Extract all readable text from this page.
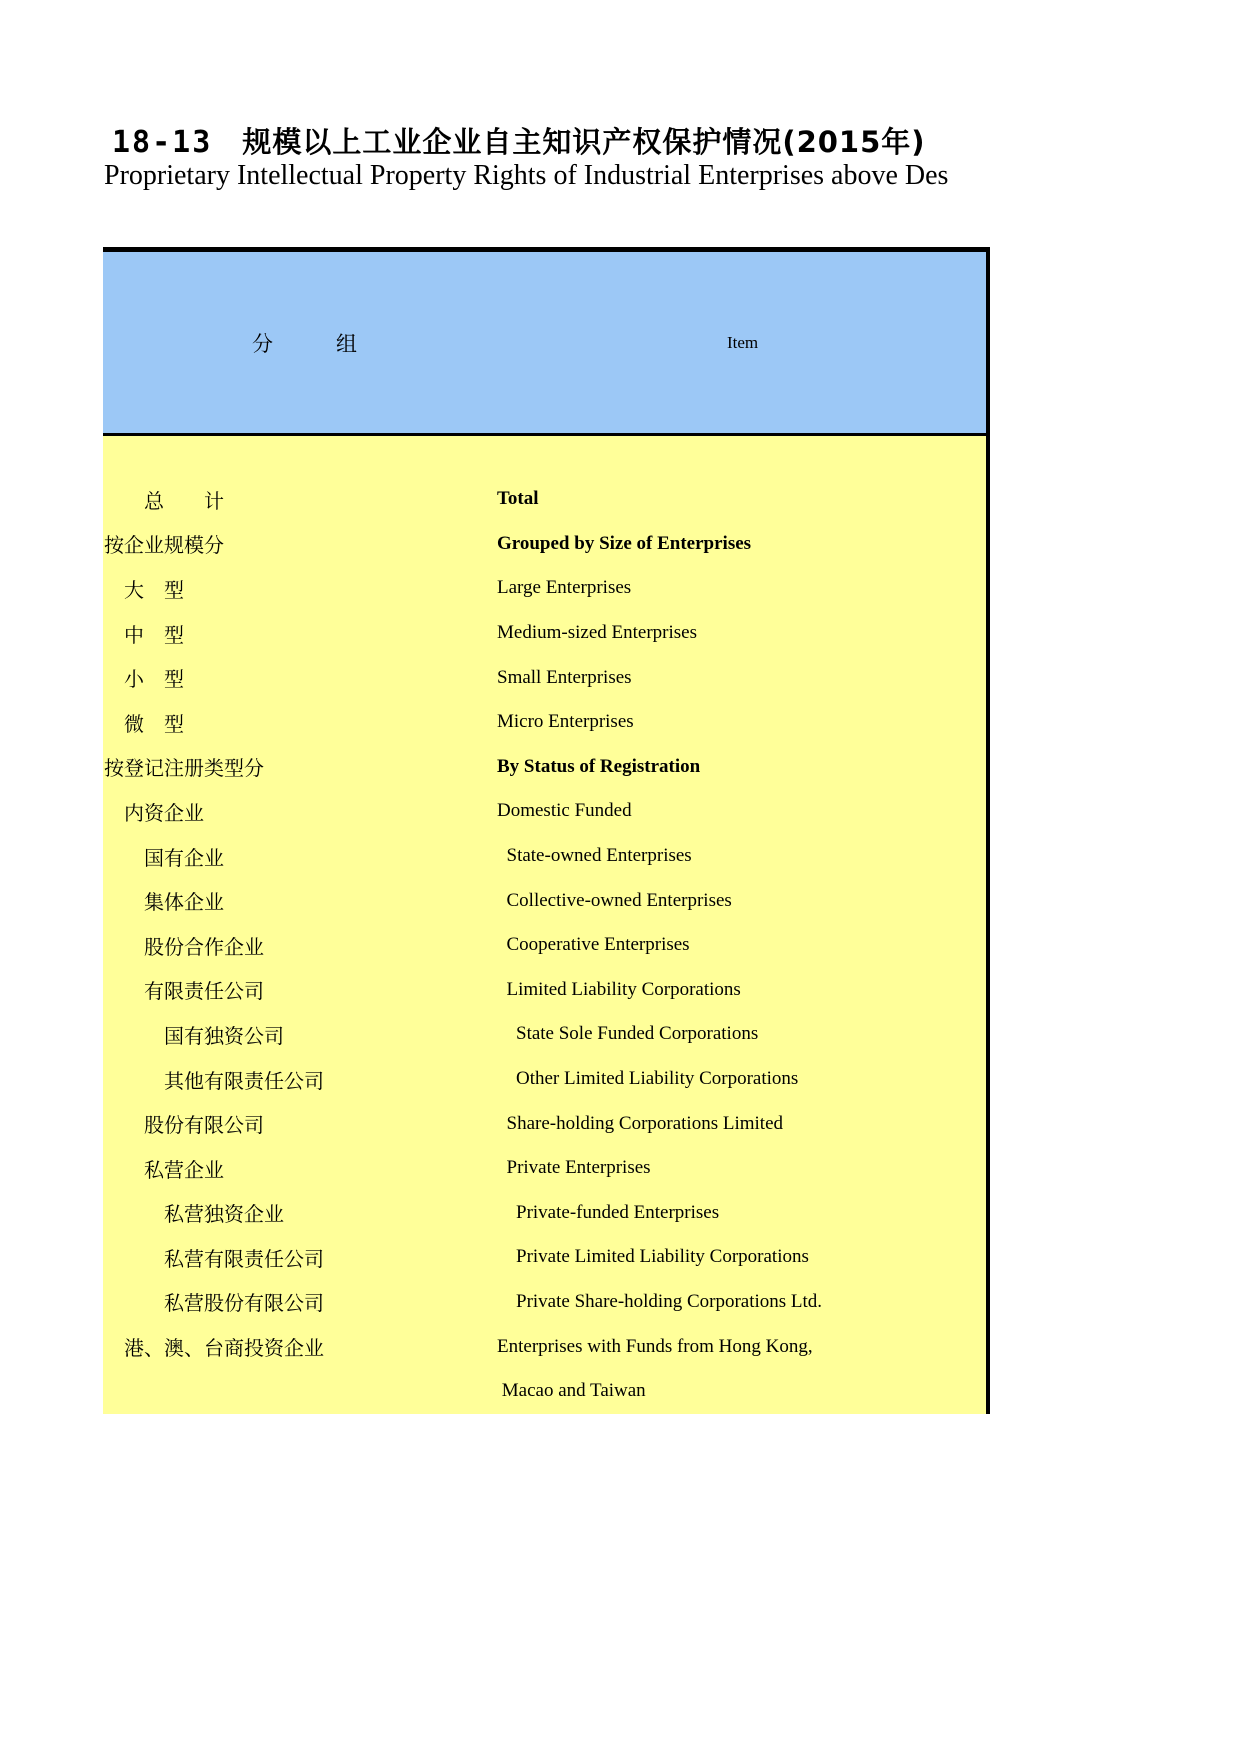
18-13 规模以上工业企业自主知识产权保护情况(2015年)

Proprietary Intellectual Property Rights of Industrial Enterprises above Des
分　　　组	Item
　　总　　计	Total
按企业规模分	Grouped by Size of Enterprises
　大　型	Large Enterprises
　中　型	Medium-sized Enterprises
　小　型	Small Enterprises
　微　型	Micro Enterprises
按登记注册类型分	By Status of Registration
　内资企业	Domestic Funded
　　国有企业	State-owned Enterprises
　　集体企业	Collective-owned Enterprises
　　股份合作企业	Cooperative Enterprises
　　有限责任公司	Limited Liability Corporations
　　　国有独资公司	State Sole Funded Corporations
　　　其他有限责任公司	Other Limited Liability Corporations
　　股份有限公司	Share-holding Corporations Limited
　　私营企业	Private Enterprises
　　　私营独资企业	Private-funded Enterprises
　　　私营有限责任公司	Private Limited Liability Corporations
　　　私营股份有限公司	Private Share-holding Corporations Ltd.
　港、澳、台商投资企业	Enterprises with Funds from Hong Kong,
Macao and Taiwan
